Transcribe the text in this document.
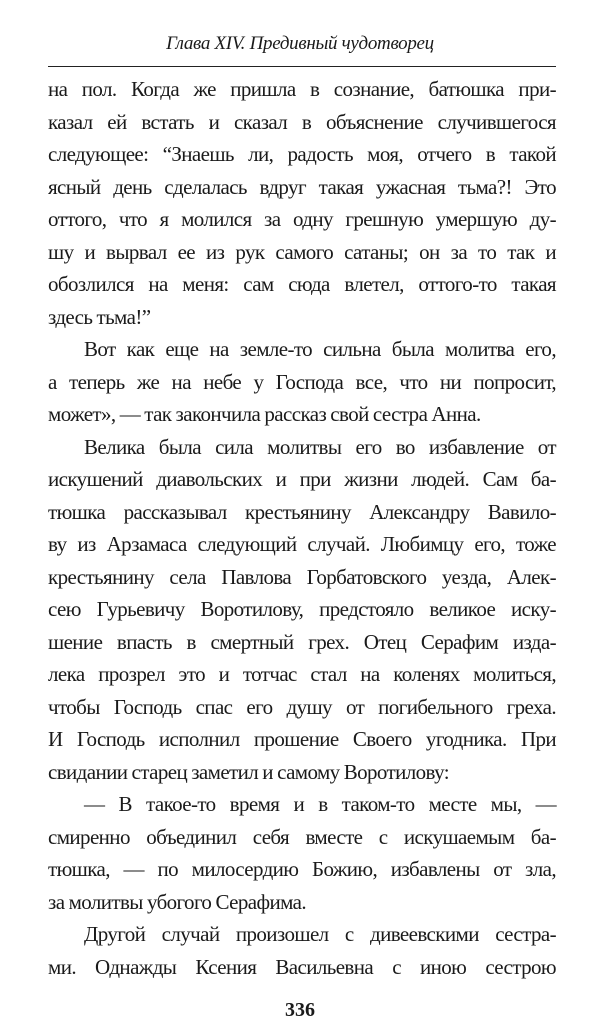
Глава XIV. Предивный чудотворец
на пол. Когда же пришла в сознание, батюшка при-
казал ей встать и сказал в объяснение случившегося
следующее: “Знаешь ли, радость моя, отчего в такой
ясный день сделалась вдруг такая ужасная тьма?! Это
оттого, что я молился за одну грешную умершую ду-
шу и вырвал ее из рук самого сатаны; он за то так и
обозлился на меня: сам сюда влетел, оттого-то такая
здесь тьма!”
Вот как еще на земле-то сильна была молитва его,
а теперь же на небе у Господа все, что ни попросит,
может», — так закончила рассказ свой сестра Анна.
Велика была сила молитвы его во избавление от
искушений диавольских и при жизни людей. Сам ба-
тюшка рассказывал крестьянину Александру Вавило-
ву из Арзамаса следующий случай. Любимцу его, тоже
крестьянину села Павлова Горбатовского уезда, Алек-
сею Гурьевичу Воротилову, предстояло великое иску-
шение впасть в смертный грех. Отец Серафим изда-
лека прозрел это и тотчас стал на коленях молиться,
чтобы Господь спас его душу от погибельного греха.
И Господь исполнил прошение Своего угодника. При
свидании старец заметил и самому Воротилову:
— В такое-то время и в таком-то месте мы, —
смиренно объединил себя вместе с искушаемым ба-
тюшка, — по милосердию Божию, избавлены от зла,
за молитвы убогого Серафима.
Другой случай произошел с дивеевскими сестра-
ми. Однажды Ксения Васильевна с иною сестрою
336
